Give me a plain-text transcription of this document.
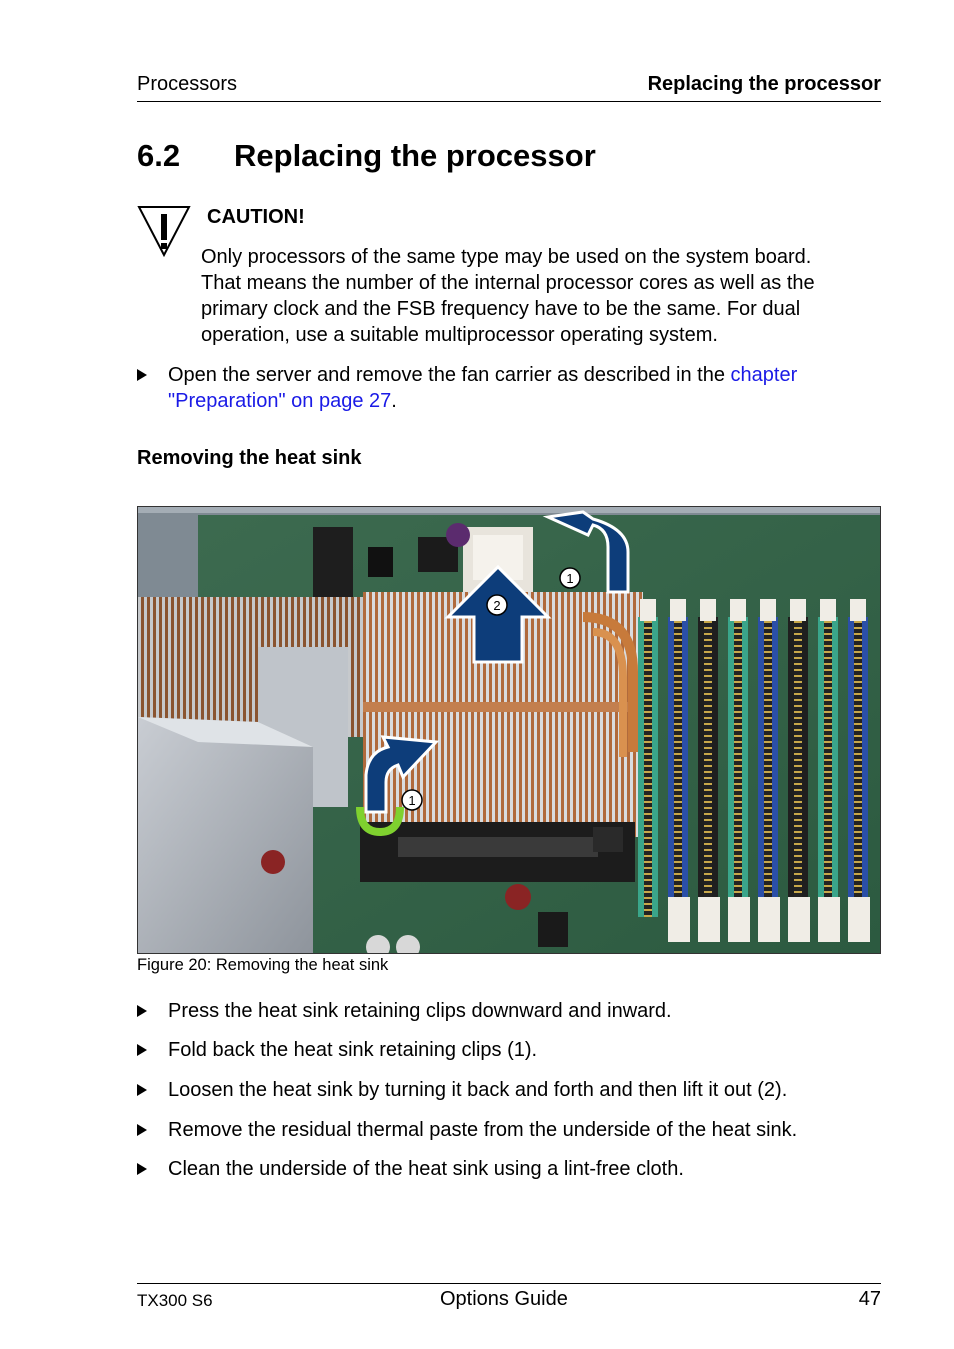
Processors	Replacing the processor
6.2 Replacing the processor
CAUTION!
Only processors of the same type may be used on the system board.
That means the number of the internal processor cores as well as the
primary clock and the FSB frequency have to be the same. For dual
operation, use a suitable multiprocessor operating system.
Open the server and remove the fan carrier as described in the chapter
"Preparation" on page 27.
Removing the heat sink
1
2
1
Figure 20: Removing the heat sink
Press the heat sink retaining clips downward and inward.
Fold back the heat sink retaining clips (1).
Loosen the heat sink by turning it back and forth and then lift it out (2).
Remove the residual thermal paste from the underside of the heat sink.
Clean the underside of the heat sink using a lint-free cloth.
TX300 S6	Options Guide	47
